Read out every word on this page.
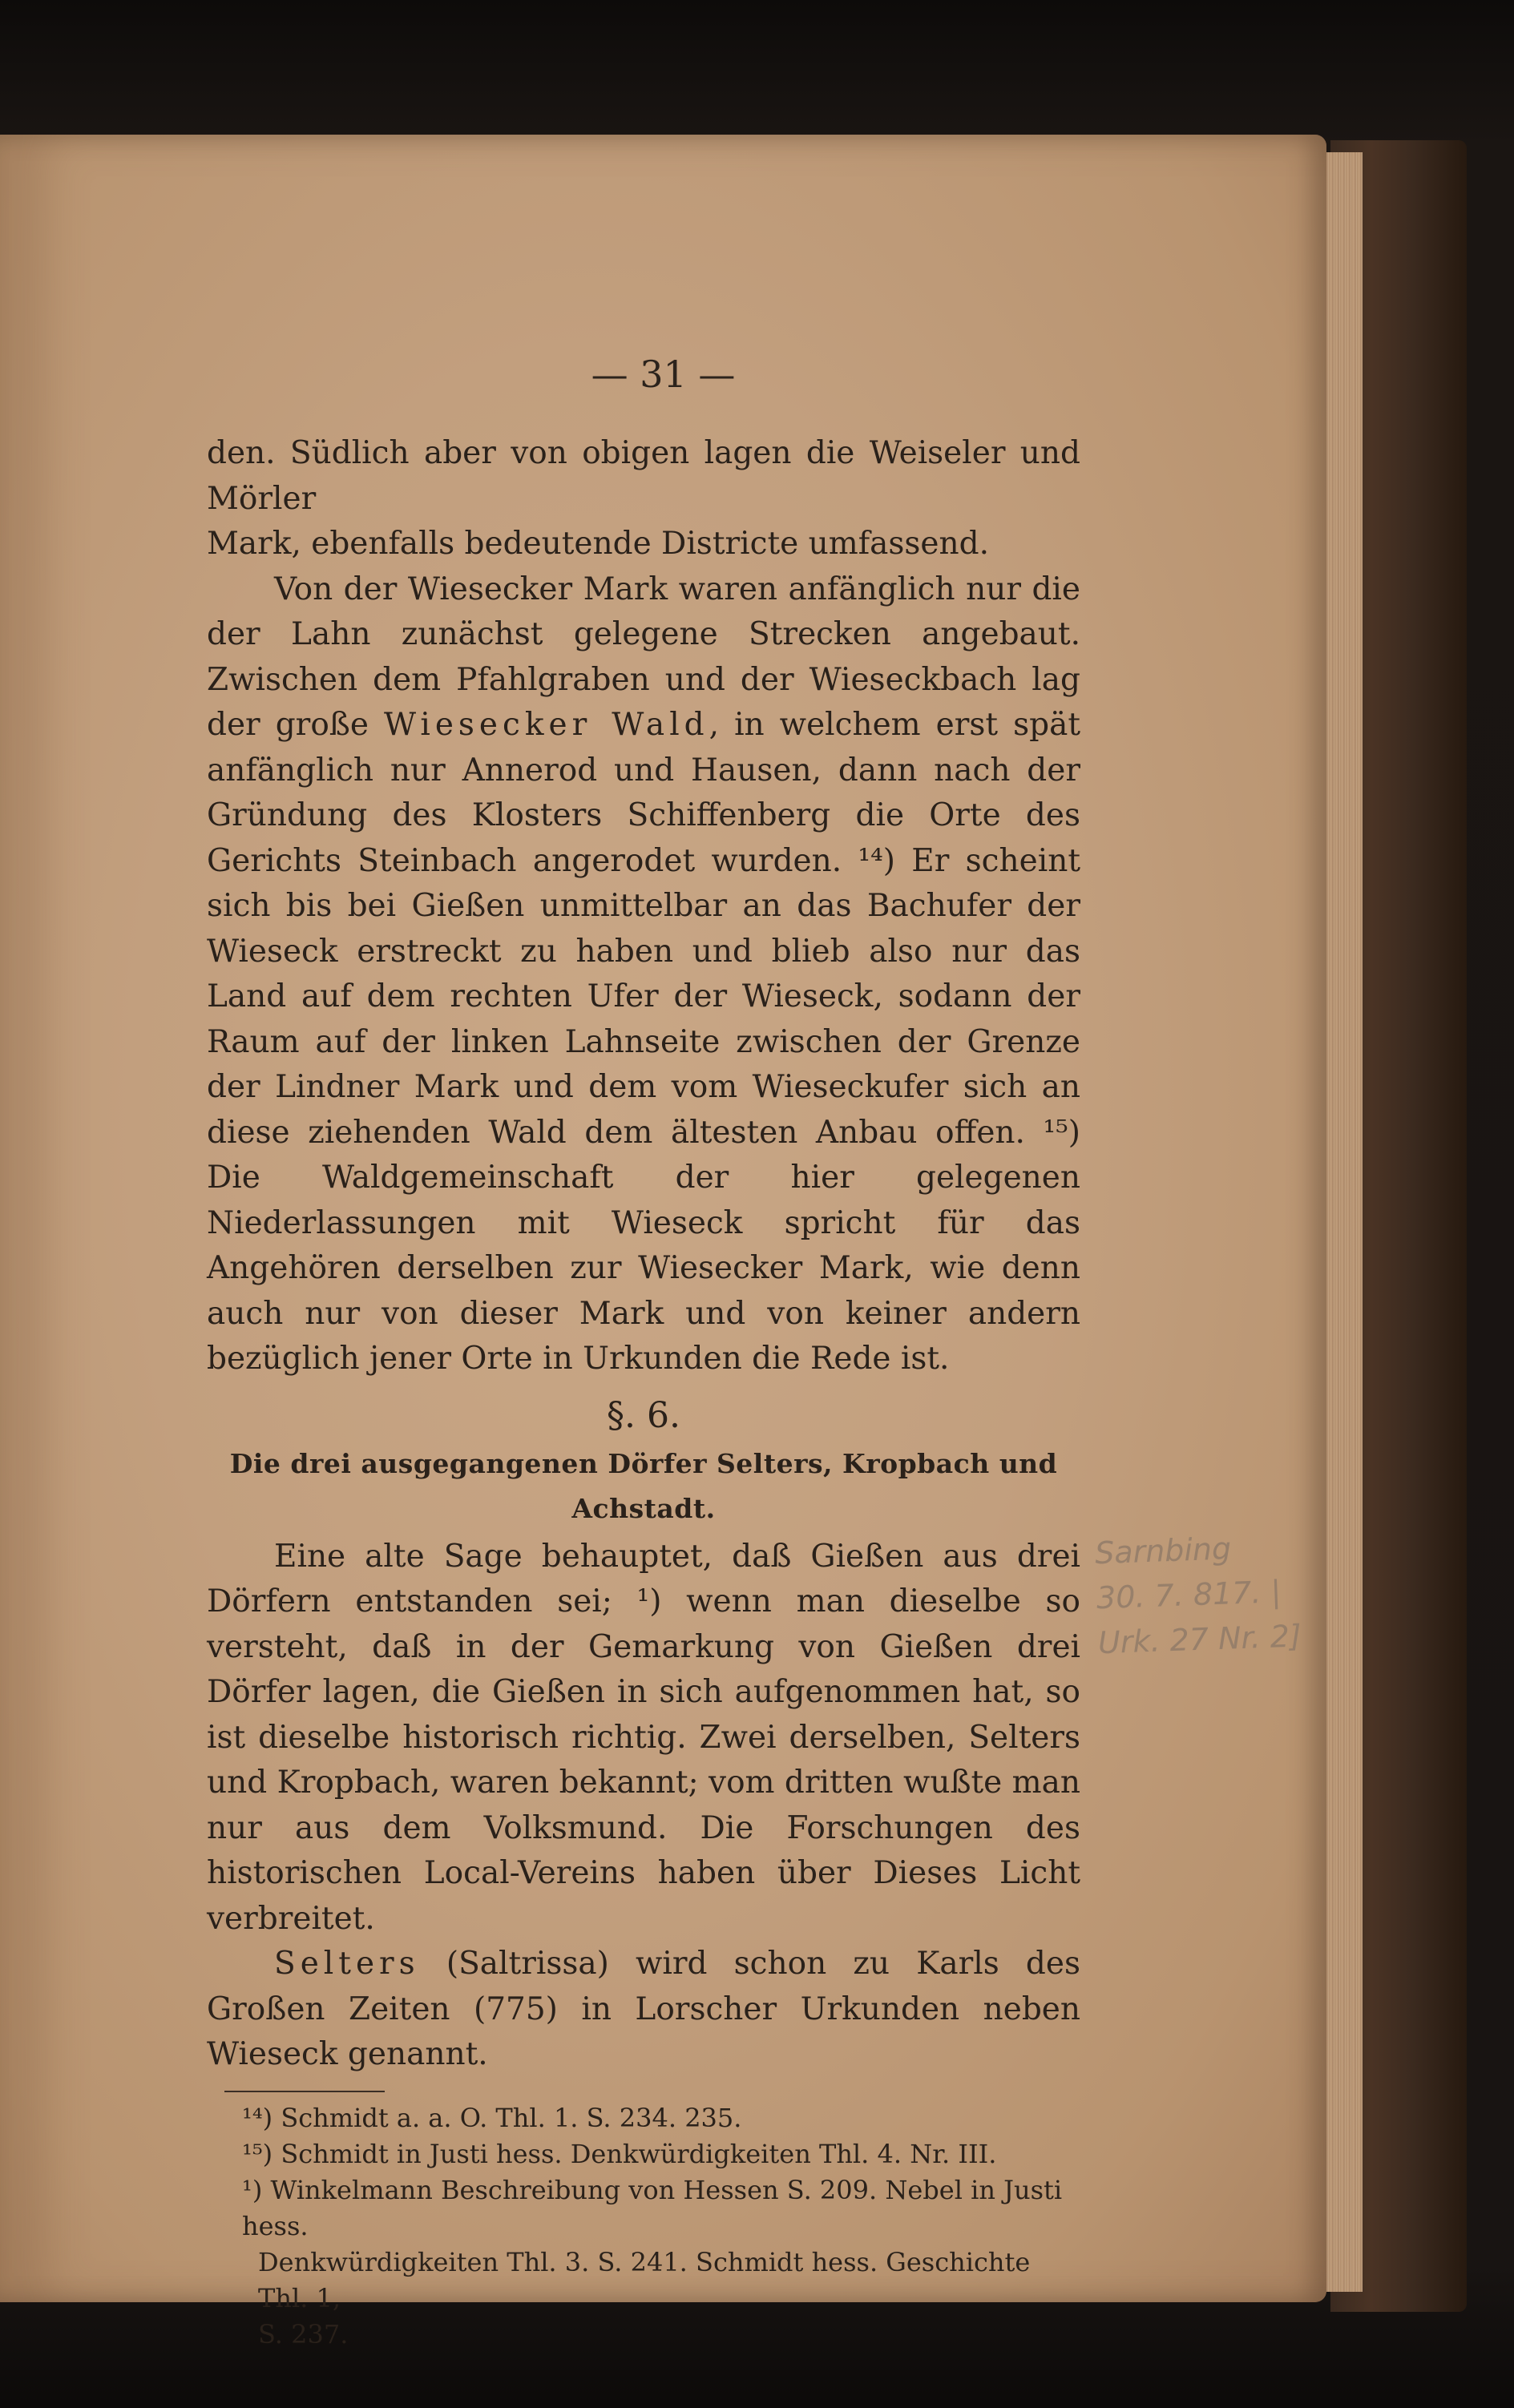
— 31 —

den. Südlich aber von obigen lagen die Weiseler und Mörler

Mark, ebenfalls bedeutende Districte umfassend.

Von der Wiesecker Mark waren anfänglich nur die der Lahn zunächst gelegene Strecken angebaut. Zwischen dem Pfahlgraben und der Wieseckbach lag der große Wiesecker Wald, in welchem erst spät anfänglich nur Annerod und Hausen, dann nach der Gründung des Klosters Schiffenberg die Orte des Gerichts Steinbach angerodet wurden. ¹⁴) Er scheint sich bis bei Gießen unmittelbar an das Bachufer der Wieseck erstreckt zu haben und blieb also nur das Land auf dem rechten Ufer der Wieseck, sodann der Raum auf der linken Lahnseite zwischen der Grenze der Lindner Mark und dem vom Wieseckufer sich an diese ziehenden Wald dem ältesten Anbau offen. ¹⁵) Die Waldgemeinschaft der hier gelegenen Niederlassungen mit Wieseck spricht für das Angehören derselben zur Wiesecker Mark, wie denn auch nur von dieser Mark und von keiner andern bezüglich jener Orte in Urkunden die Rede ist.

§. 6.
Die drei ausgegangenen Dörfer Selters, Kropbach und Achstadt.

Eine alte Sage behauptet, daß Gießen aus drei Dörfern entstanden sei; ¹) wenn man dieselbe so versteht, daß in der Gemarkung von Gießen drei Dörfer lagen, die Gießen in sich aufgenommen hat, so ist dieselbe historisch richtig. Zwei derselben, Selters und Kropbach, waren bekannt; vom dritten wußte man nur aus dem Volksmund. Die Forschungen des historischen Local-Vereins haben über Dieses Licht verbreitet.

Selters (Saltrissa) wird schon zu Karls des Großen Zeiten (775) in Lorscher Urkunden neben Wieseck genannt.

¹⁴) Schmidt a. a. O. Thl. 1. S. 234. 235.

¹⁵) Schmidt in Justi hess. Denkwürdigkeiten Thl. 4. Nr. III.

¹) Winkelmann Beschreibung von Hessen S. 209. Nebel in Justi hess.

Denkwürdigkeiten Thl. 3. S. 241. Schmidt hess. Geschichte Thl. 1,

S. 237.

Sarnbing
30. 7. 817. |
Urk. 27 Nr. 2]
